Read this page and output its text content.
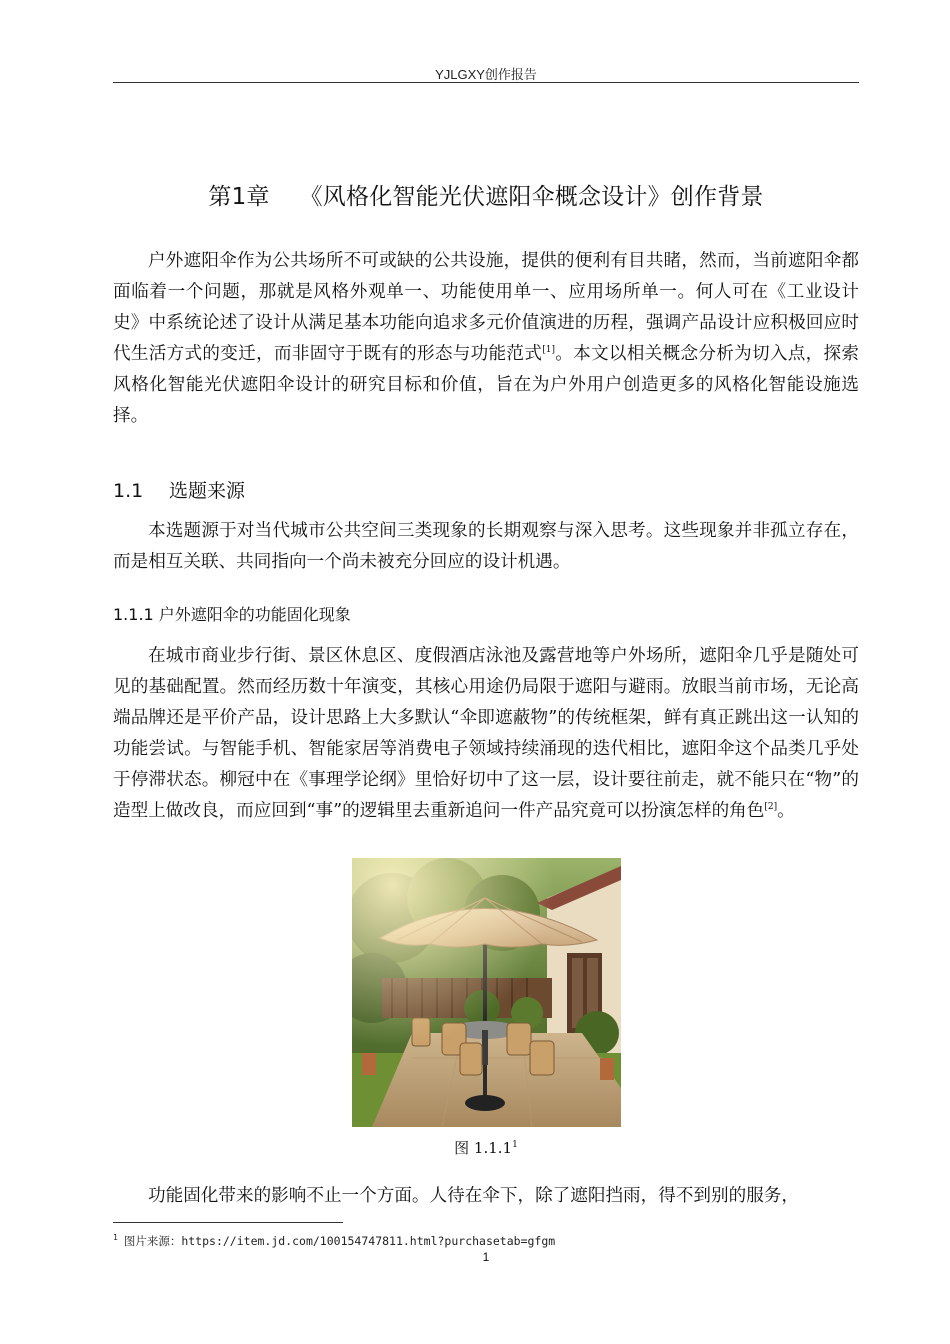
YJLGXY创作报告
第1章 《风格化智能光伏遮阳伞概念设计》创作背景

户外遮阳伞作为公共场所不可或缺的公共设施，提供的便利有目共睹，然而，当前遮阳伞都面临着一个问题，那就是风格外观单一、功能使用单一、应用场所单一。何人可在《工业设计史》中系统论述了设计从满足基本功能向追求多元价值演进的历程，强调产品设计应积极回应时代生活方式的变迁，而非固守于既有的形态与功能范式[1]。本文以相关概念分析为切入点，探索风格化智能光伏遮阳伞设计的研究目标和价值，旨在为户外用户创造更多的风格化智能设施选择。

1.1 选题来源

本选题源于对当代城市公共空间三类现象的长期观察与深入思考。这些现象并非孤立存在，而是相互关联、共同指向一个尚未被充分回应的设计机遇。

1.1.1 户外遮阳伞的功能固化现象

在城市商业步行街、景区休息区、度假酒店泳池及露营地等户外场所，遮阳伞几乎是随处可见的基础配置。然而经历数十年演变，其核心用途仍局限于遮阳与避雨。放眼当前市场，无论高端品牌还是平价产品，设计思路上大多默认“伞即遮蔽物”的传统框架，鲜有真正跳出这一认知的功能尝试。与智能手机、智能家居等消费电子领域持续涌现的迭代相比，遮阳伞这个品类几乎处于停滞状态。柳冠中在《事理学论纲》里恰好切中了这一层，设计要往前走，就不能只在“物”的造型上做改良，而应回到“事”的逻辑里去重新追问一件产品究竟可以扮演怎样的角色[2]。

图 1.1.1$^1$

功能固化带来的影响不止一个方面。人待在伞下，除了遮阳挡雨，得不到别的服务，

$^1$ 图片来源：https://item.jd.com/100154747811.html?purchasetab=gfgm
1
